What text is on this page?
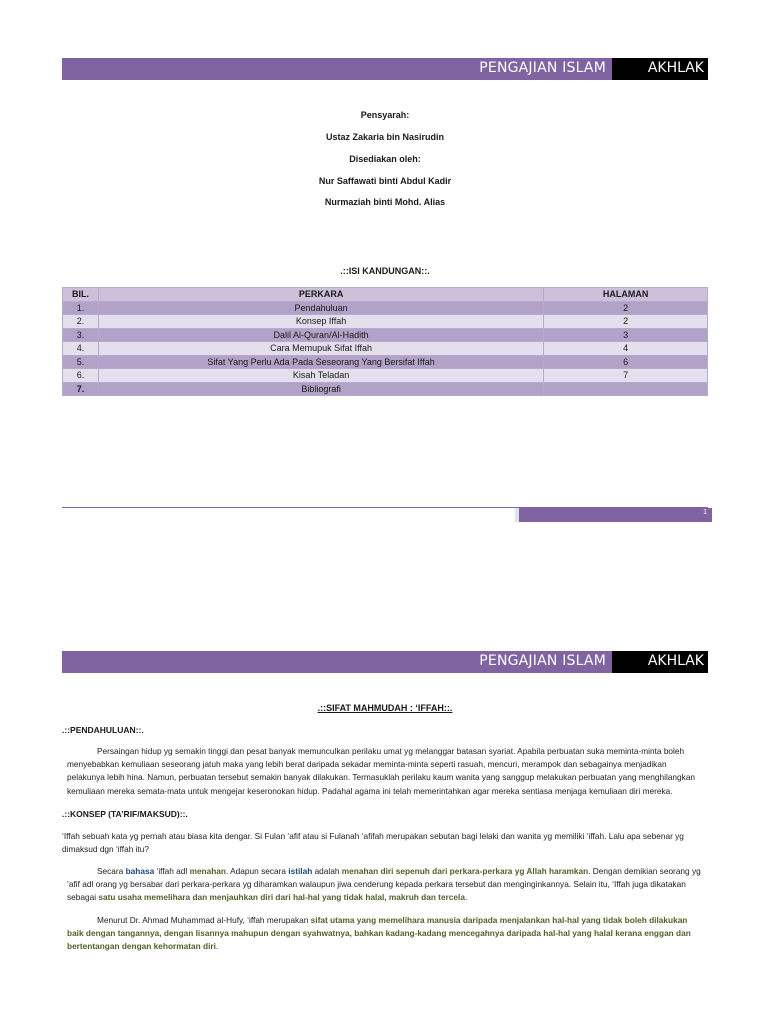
PENGAJIAN ISLAM	AKHLAK
Pensyarah:
Ustaz Zakaria bin Nasirudin
Disediakan oleh:
Nur Saffawati binti Abdul Kadir
Nurmaziah binti Mohd. Alias
.::ISI KANDUNGAN::.
BIL.	PERKARA	HALAMAN
1.	Pendahuluan	2
2.	Konsep Iffah	2
3.	Dalil Al-Quran/Al-Hadith	3
4.	Cara Memupuk Sifat Iffah	4
5.	Sifat Yang Perlu Ada Pada Seseorang Yang Bersifat Iffah	6
6.	Kisah Teladan	7
7.	Bibliografi	
1
PENGAJIAN ISLAM	AKHLAK
.::SIFAT MAHMUDAH : ‘IFFAH::.
.::PENDAHULUAN::.
Persaingan hidup yg semakin tinggi dan pesat banyak memunculkan perilaku umat yg melanggar batasan syariat. Apabila perbuatan suka meminta-minta boleh menyebabkan kemuliaan seseorang jatuh maka yang lebih berat daripada sekadar meminta-minta seperti rasuah, mencuri, merampok dan sebagainya menjadikan pelakunya lebih hina. Namun, perbuatan tersebut semakin banyak dilakukan. Termasuklah perilaku kaum wanita yang sanggup melakukan perbuatan yang menghilangkan kemuliaan mereka semata-mata untuk mengejar keseronokan hidup. Padahal agama ini telah memerintahkan agar mereka sentiasa menjaga kemuliaan diri mereka.
.::KONSEP (TA’RIF/MAKSUD)::.
‘Iffah sebuah kata yg pernah atau biasa kita dengar. Si Fulan ‘afif atau si Fulanah ‘afifah merupakan sebutan bagi lelaki dan wanita yg memiliki ‘iffah. Lalu apa sebenar yg dimaksud dgn ‘iffah itu?
Secara bahasa ‘iffah adl menahan. Adapun secara istilah adalah menahan diri sepenuh dari perkara-perkara yg Allah haramkan. Dengan demikian seorang yg ‘afif adl orang yg bersabar dari perkara-perkara yg diharamkan walaupun jiwa cenderung kepada perkara tersebut dan menginginkannya. Selain itu, ‘Iffah juga dikatakan sebagai satu usaha memelihara dan menjauhkan diri dari hal-hal yang tidak halal, makruh dan tercela.
Menurut Dr. Ahmad Muhammad al-Hufy, ‘iffah merupakan sifat utama yang memelihara manusia daripada menjalankan hal-hal yang tidak boleh dilakukan baik dengan tangannya, dengan lisannya mahupun dengan syahwatnya, bahkan kadang-kadang mencegahnya daripada hal-hal yang halal kerana enggan dan bertentangan dengan kehormatan diri.
